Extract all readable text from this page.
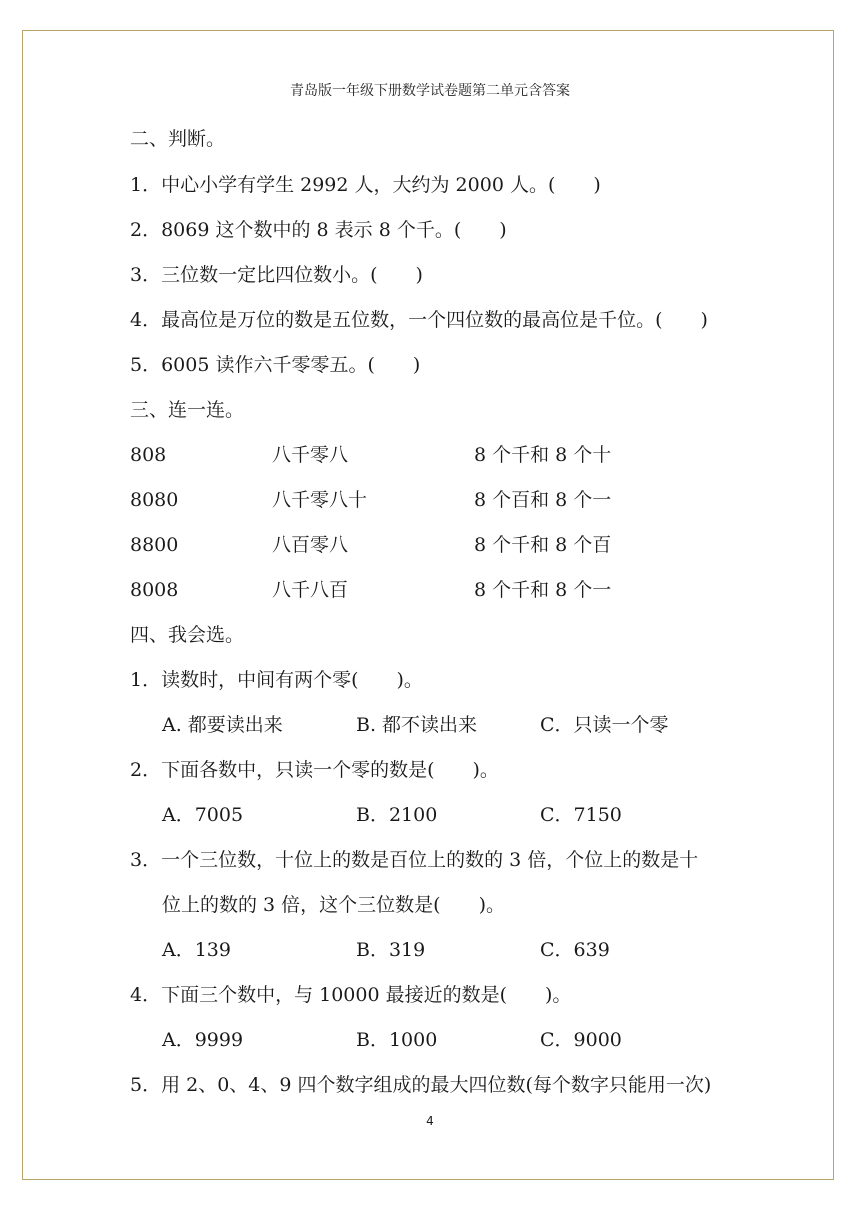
青岛版一年级下册数学试卷题第二单元含答案
二、判断。
1．中心小学有学生 2992 人，大约为 2000 人。(　　)
2．8069 这个数中的 8 表示 8 个千。(　　)
3．三位数一定比四位数小。(　　)
4．最高位是万位的数是五位数，一个四位数的最高位是千位。(　　)
5．6005 读作六千零零五。(　　)
三、连一连。
808	八千零八	8 个千和 8 个十
8080	八千零八十	8 个百和 8 个一
8800	八百零八	8 个千和 8 个百
8008	八千八百	8 个千和 8 个一
四、我会选。
1．读数时，中间有两个零(　　)。
A. 都要读出来	B. 都不读出来	C．只读一个零
2．下面各数中，只读一个零的数是(　　)。
A．7005	B．2100	C．7150
3．一个三位数，十位上的数是百位上的数的 3 倍，个位上的数是十
位上的数的 3 倍，这个三位数是(　　)。
A．139	B．319	C．639
4．下面三个数中，与 10000 最接近的数是(　　)。
A．9999	B．1000	C．9000
5．用 2、0、4、9 四个数字组成的最大四位数(每个数字只能用一次)
4
